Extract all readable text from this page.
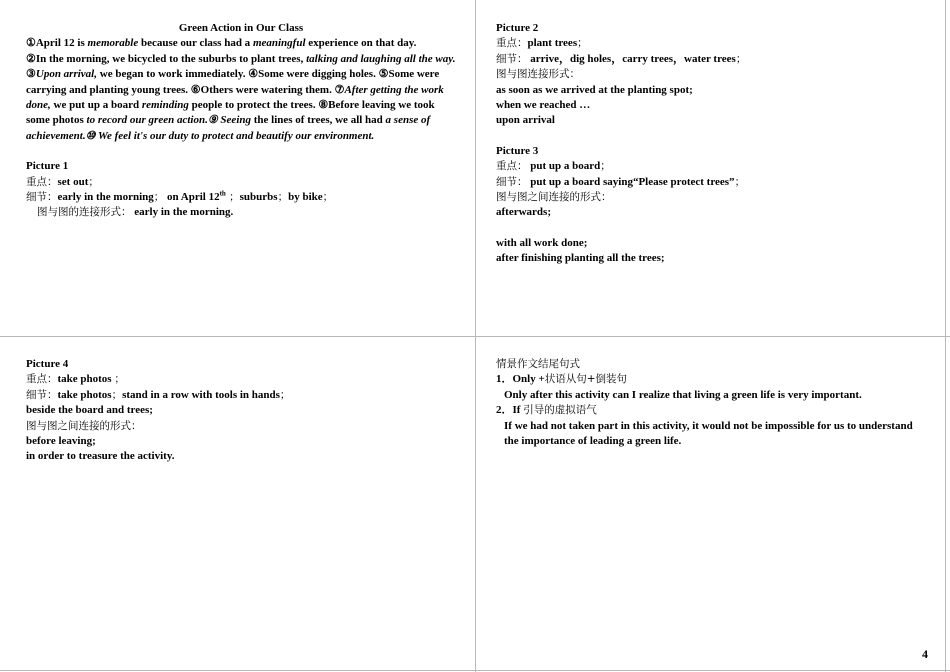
Green Action in Our Class

①April 12 is memorable because our class had a meaningful experience on that day.
②In the morning, we bicycled to the suburbs to plant trees, talking and laughing all the way. ③Upon arrival, we began to work immediately. ④Some were digging holes. ⑤Some were carrying and planting young trees. ⑥Others were watering them. ⑦After getting the work done, we put up a board reminding people to protect the trees. ⑧Before leaving we took some photos to record our green action.⑨ Seeing the lines of trees, we all had a sense of achievement.⑩ We feel it's our duty to protect and beautify our environment.

Picture 1
重点：set out；
细节：early in the morning； on April 12th ；suburbs；by bike；
图与图的连接形式： early in the morning.
Picture 2
重点：plant trees；
细节： arrive，dig holes，carry trees，water trees；
图与图连接形式：
as soon as we arrived at the planting spot;
when we reached …
upon arrival
Picture 3
重点： put up a board；
细节： put up a board saying“Please protect trees”；
图与图之间连接的形式：
afterwards;
with all work done;
after finishing planting all the trees;
Picture 4
重点：take photos ；
细节：take photos；stand in a row with tools in hands；
beside the board and trees;
图与图之间连接的形式：
before leaving;
in order to treasure the activity.
情景作文结尾句式
1．Only +状语从句+倒装句
Only after this activity can I realize that living a green life is very important.
2．If 引导的虚拟语气
If we had not taken part in this activity, it would not be impossible for us to understand the importance of leading a green life.
4
